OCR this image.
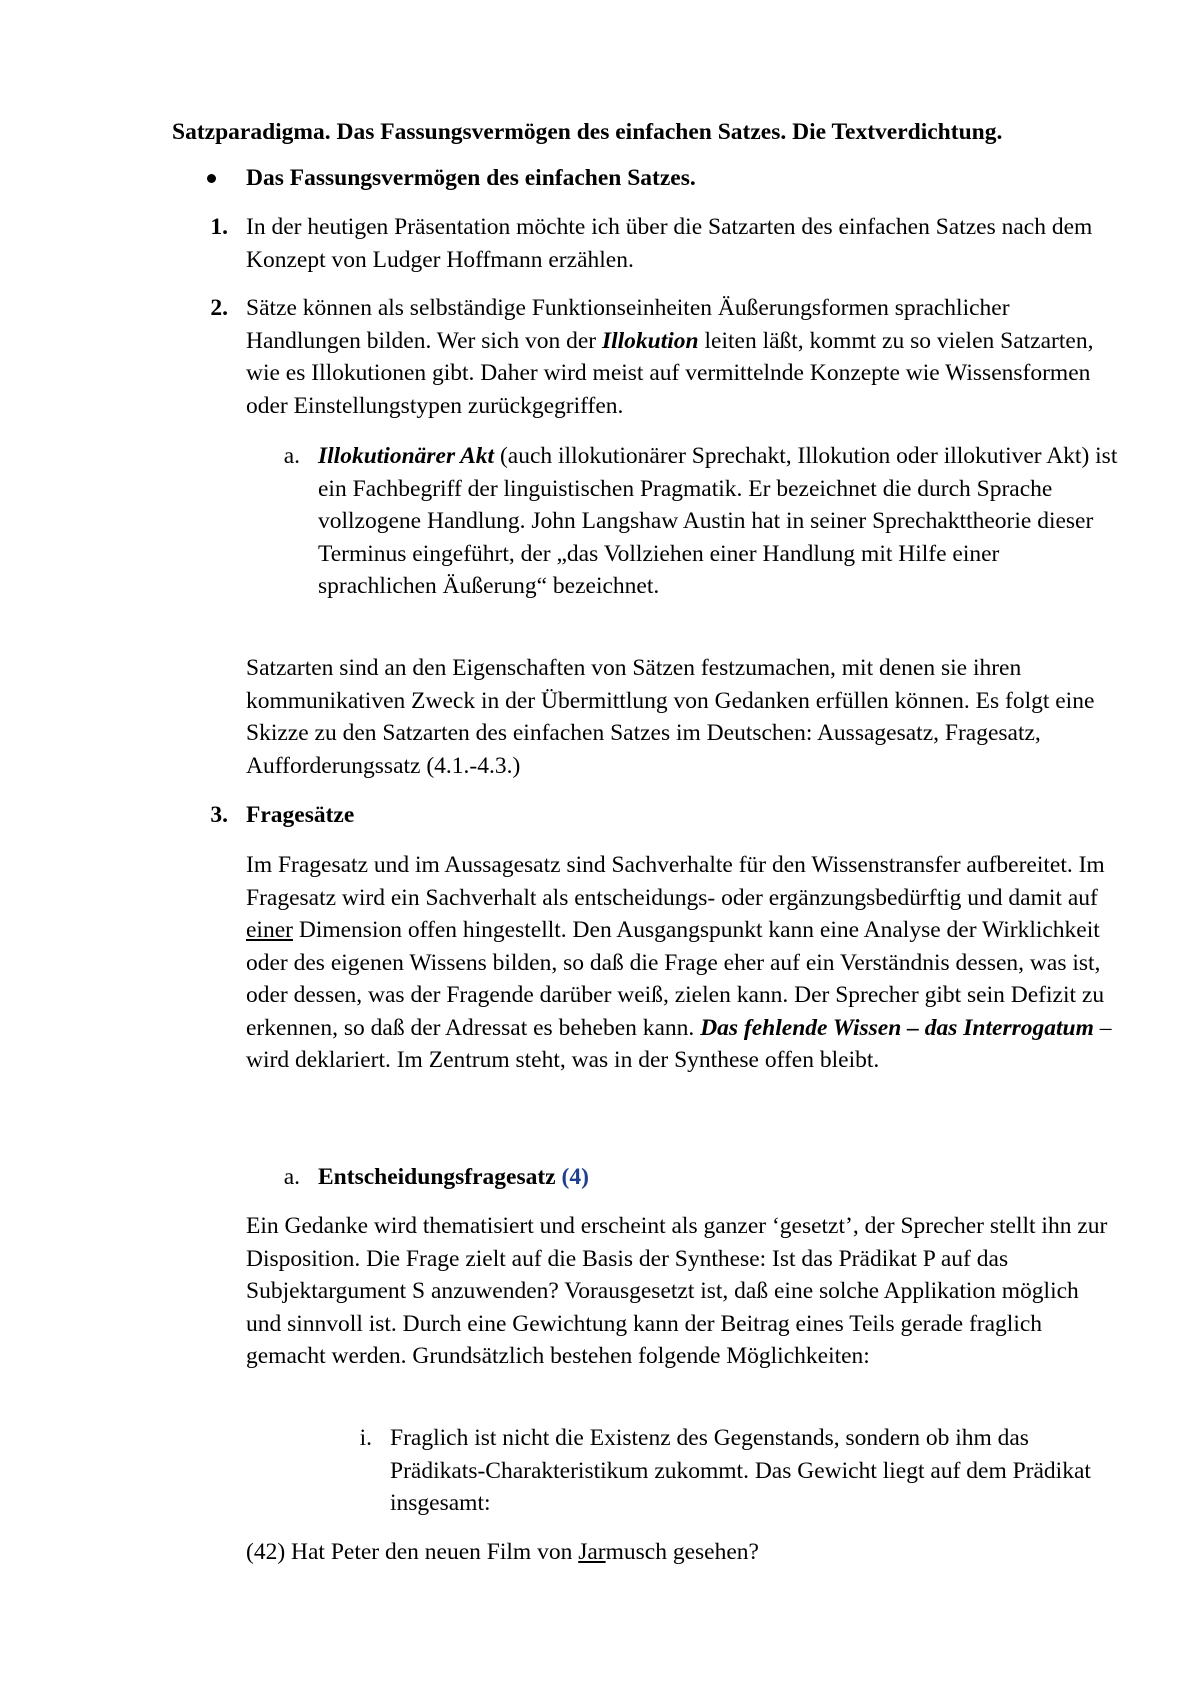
Satzparadigma. Das Fassungsvermögen des einfachen Satzes. Die Textverdichtung.

Das Fassungsvermögen des einfachen Satzes.

1. In der heutigen Präsentation möchte ich über die Satzarten des einfachen Satzes nach dem Konzept von Ludger Hoffmann erzählen.

2. Sätze können als selbständige Funktionseinheiten Äußerungsformen sprachlicher Handlungen bilden. Wer sich von der Illokution leiten läßt, kommt zu so vielen Satzarten, wie es Illokutionen gibt. Daher wird meist auf vermittelnde Konzepte wie Wissensformen oder Einstellungstypen zurückgegriffen.

a. Illokutionärer Akt (auch illokutionärer Sprechakt, Illokution oder illokutiver Akt) ist ein Fachbegriff der linguistischen Pragmatik. Er bezeichnet die durch Sprache vollzogene Handlung. John Langshaw Austin hat in seiner Sprechakttheorie dieser Terminus eingeführt, der „das Vollziehen einer Handlung mit Hilfe einer sprachlichen Äußerung“ bezeichnet.

Satzarten sind an den Eigenschaften von Sätzen festzumachen, mit denen sie ihren kommunikativen Zweck in der Übermittlung von Gedanken erfüllen können. Es folgt eine Skizze zu den Satzarten des einfachen Satzes im Deutschen: Aussagesatz, Fragesatz, Aufforderungssatz (4.1.-4.3.)

3. Fragesätze

Im Fragesatz und im Aussagesatz sind Sachverhalte für den Wissenstransfer aufbereitet. Im Fragesatz wird ein Sachverhalt als entscheidungs- oder ergänzungsbedürftig und damit auf einer Dimension offen hingestellt. Den Ausgangspunkt kann eine Analyse der Wirklichkeit oder des eigenen Wissens bilden, so daß die Frage eher auf ein Verständnis dessen, was ist, oder dessen, was der Fragende darüber weiß, zielen kann. Der Sprecher gibt sein Defizit zu erkennen, so daß der Adressat es beheben kann. Das fehlende Wissen – das Interrogatum – wird deklariert. Im Zentrum steht, was in der Synthese offen bleibt.

a. Entscheidungsfragesatz (4)

Ein Gedanke wird thematisiert und erscheint als ganzer ‘gesetzt’, der Sprecher stellt ihn zur Disposition. Die Frage zielt auf die Basis der Synthese: Ist das Prädikat P auf das Subjektargument S anzuwenden? Vorausgesetzt ist, daß eine solche Applikation möglich und sinnvoll ist. Durch eine Gewichtung kann der Beitrag eines Teils gerade fraglich gemacht werden. Grundsätzlich bestehen folgende Möglichkeiten:

i. Fraglich ist nicht die Existenz des Gegenstands, sondern ob ihm das Prädikats-Charakteristikum zukommt. Das Gewicht liegt auf dem Prädikat insgesamt:

(42) Hat Peter den neuen Film von Jarmusch gesehen?
